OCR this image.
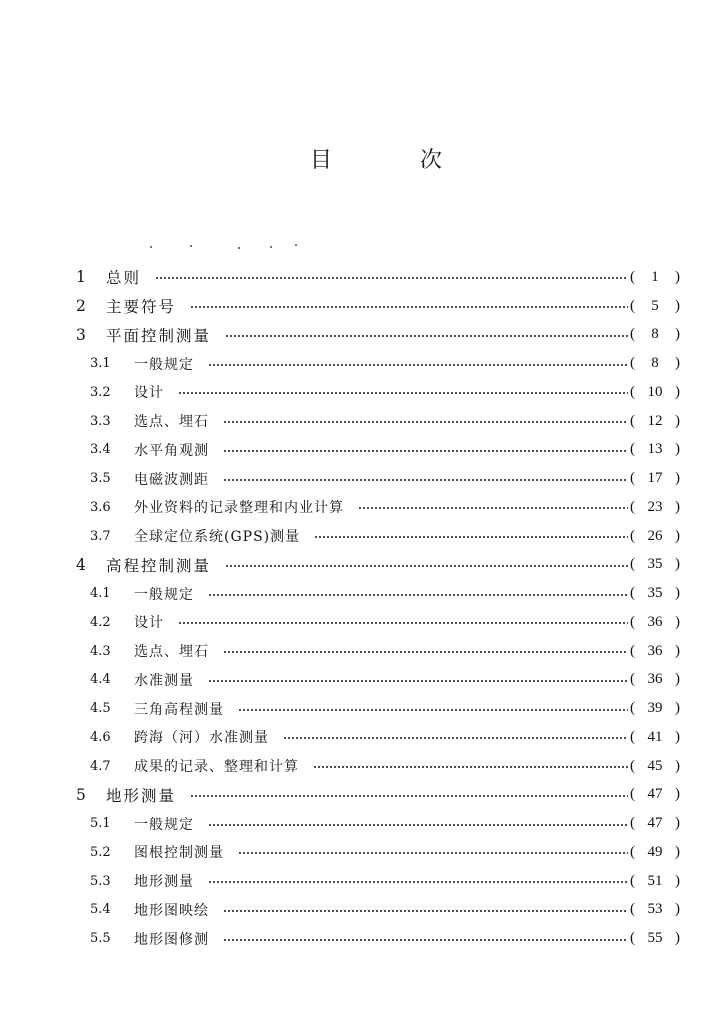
目	次
1	总则	(	1	)
2	主要符号	(	5	)
3	平面控制测量	(	8	)
3.1	一般规定	(	8	)
3.2	设计	( 10 )
3.3	选点、埋石	( 12 )
3.4	水平角观测	( 13 )
3.5	电磁波测距	( 17 )
3.6	外业资料的记录整理和内业计算	( 23 )
3.7	全球定位系统(GPS)测量	( 26 )
4	高程控制测量	( 35 )
4.1	一般规定	( 35 )
4.2	设计	( 36 )
4.3	选点、埋石	( 36 )
4.4	水准测量	( 36 )
4.5	三角高程测量	( 39 )
4.6	跨海（河）水准测量	( 41 )
4.7	成果的记录、整理和计算	( 45 )
5	地形测量	( 47 )
5.1	一般规定	( 47 )
5.2	图根控制测量	( 49 )
5.3	地形测量	( 51 )
5.4	地形图映绘	( 53 )
5.5	地形图修测	( 55 )
